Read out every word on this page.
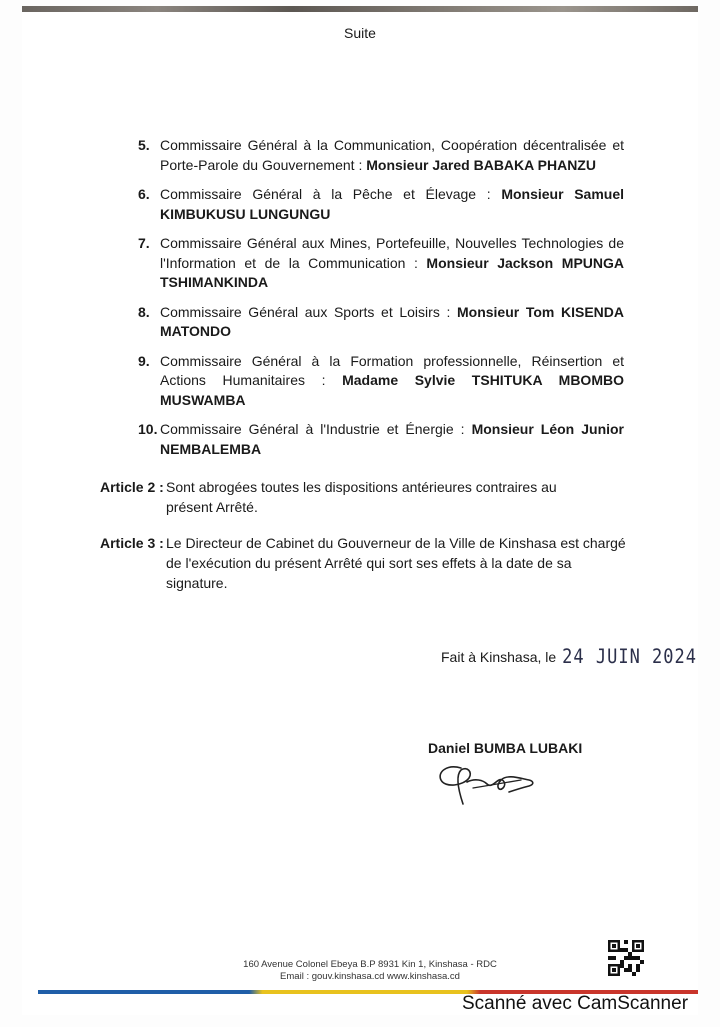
Suite
5. Commissaire Général à la Communication, Coopération décentralisée et Porte-Parole du Gouvernement : Monsieur Jared BABAKA PHANZU
6. Commissaire Général à la Pêche et Élevage : Monsieur Samuel KIMBUKUSU LUNGUNGU
7. Commissaire Général aux Mines, Portefeuille, Nouvelles Technologies de l'Information et de la Communication : Monsieur Jackson MPUNGA TSHIMANKINDA
8. Commissaire Général aux Sports et Loisirs : Monsieur Tom KISENDA MATONDO
9. Commissaire Général à la Formation professionnelle, Réinsertion et Actions Humanitaires : Madame Sylvie TSHITUKA MBOMBO MUSWAMBA
10. Commissaire Général à l'Industrie et Énergie : Monsieur Léon Junior NEMBALEMBA
Article 2 : Sont abrogées toutes les dispositions antérieures contraires au présent Arrêté.
Article 3 : Le Directeur de Cabinet du Gouverneur de la Ville de Kinshasa est chargé de l'exécution du présent Arrêté qui sort ses effets à la date de sa signature.
Fait à Kinshasa, le 24 JUIN 2024
Daniel BUMBA LUBAKI
160 Avenue Colonel Ebeya B.P 8931 Kin 1, Kinshasa - RDC
Email : gouv.kinshasa.cd www.kinshasa.cd
Scanné avec CamScanner
